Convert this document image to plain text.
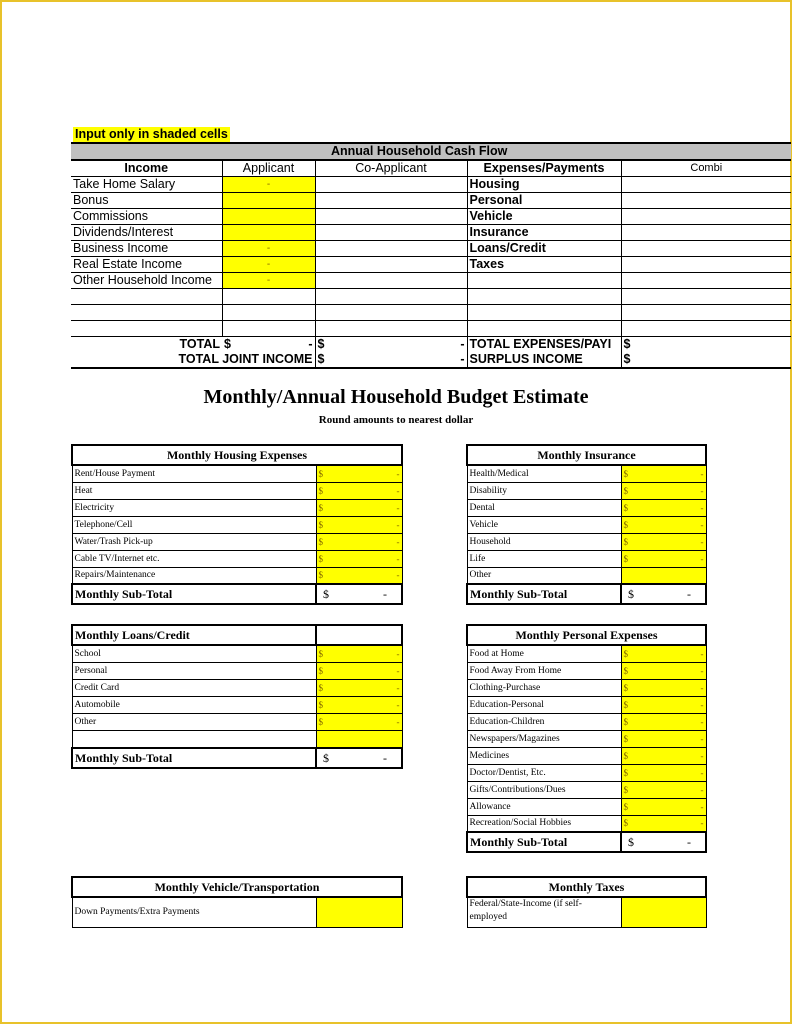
Input only in shaded cells
Annual Household Cash Flow				
Income	Applicant	Co-Applicant	Expenses/Payments	Combi
Take Home Salary	-		Housing	
Bonus			Personal	
Commissions			Vehicle	
Dividends/Interest			Insurance	
Business Income	-		Loans/Credit	
Real Estate Income	-		Taxes	
Other Household Income	-			

TOTAL	$ -	$ -	TOTAL EXPENSES/PAYI	$
TOTAL JOINT INCOME		$ -	SURPLUS INCOME	$
Monthly/Annual Household Budget Estimate
Round amounts to nearest dollar
Monthly Housing Expenses	
Rent/House Payment	$ -

Heat	$ -

Electricity	$ -

Telephone/Cell	$ -

Water/Trash Pick-up	$ -

Cable TV/Internet etc.	$ -

Repairs/Maintenance	$ -

Monthly Sub-Total	$ -
Monthly Insurance	
Health/Medical	$ -

Disability	$ -

Dental	$ -

Vehicle	$ -

Household	$ -

Life	$ -

Other	
Monthly Sub-Total	$ -
Monthly Loans/Credit	
School	$ -

Personal	$ -

Credit Card	$ -

Automobile	$ -

Other	$ -

Monthly Sub-Total	$ -
Monthly Personal Expenses	
Food at Home	$ -

Food Away From Home	$ -

Clothing-Purchase	$ -

Education-Personal	$ -

Education-Children	$ -

Newspapers/Magazines	$ -

Medicines	$ -

Doctor/Dentist, Etc.	$ -

Gifts/Contributions/Dues	$ -

Allowance	$ -

Recreation/Social Hobbies	$ -

Monthly Sub-Total	$ -
Monthly Vehicle/Transportation
Down Payments/Extra Payments	
Monthly Taxes
Federal/State-Income (if self-employed	
